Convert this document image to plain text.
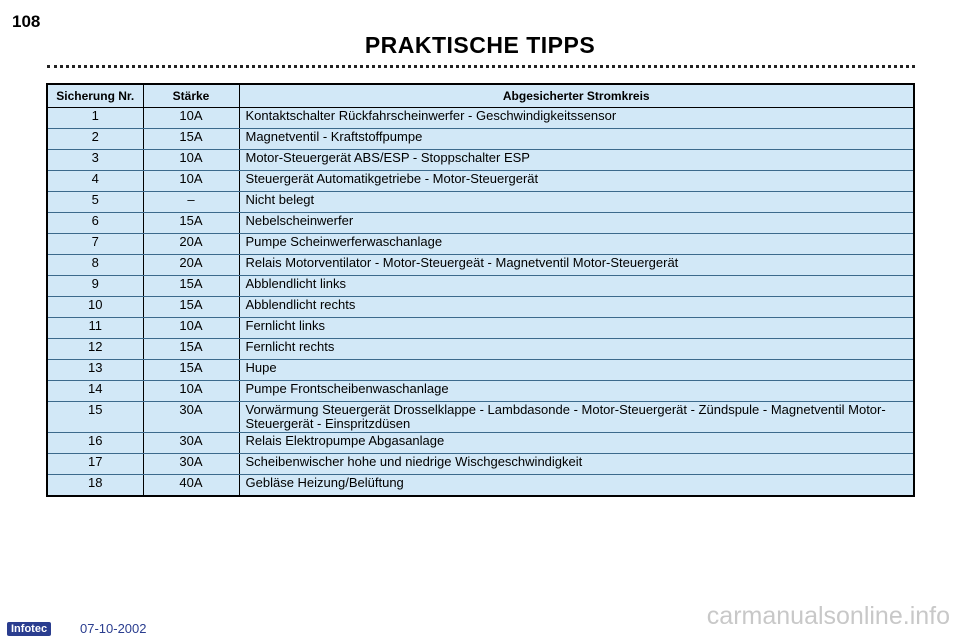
108
PRAKTISCHE TIPPS
Sicherung Nr.	Stärke	Abgesicherter Stromkreis
1	10A	Kontaktschalter Rückfahrscheinwerfer - Geschwindigkeitssensor
2	15A	Magnetventil - Kraftstoffpumpe
3	10A	Motor-Steuergerät ABS/ESP - Stoppschalter ESP
4	10A	Steuergerät Automatikgetriebe - Motor-Steuergerät
5	–	Nicht belegt
6	15A	Nebelscheinwerfer
7	20A	Pumpe Scheinwerferwaschanlage
8	20A	Relais Motorventilator - Motor-Steuergeät - Magnetventil Motor-Steuergerät
9	15A	Abblendlicht links
10	15A	Abblendlicht rechts
11	10A	Fernlicht links
12	15A	Fernlicht rechts
13	15A	Hupe
14	10A	Pumpe Frontscheibenwaschanlage
15	30A	Vorwärmung Steuergerät Drosselklappe - Lambdasonde - Motor-Steuergerät - Zündspule - Magnetventil Motor-Steuergerät - Einspritzdüsen
16	30A	Relais Elektropumpe Abgasanlage
17	30A	Scheibenwischer hohe und niedrige Wischgeschwindigkeit
18	40A	Gebläse Heizung/Belüftung
Infotec	07-10-2002	carmanualsonline.info
